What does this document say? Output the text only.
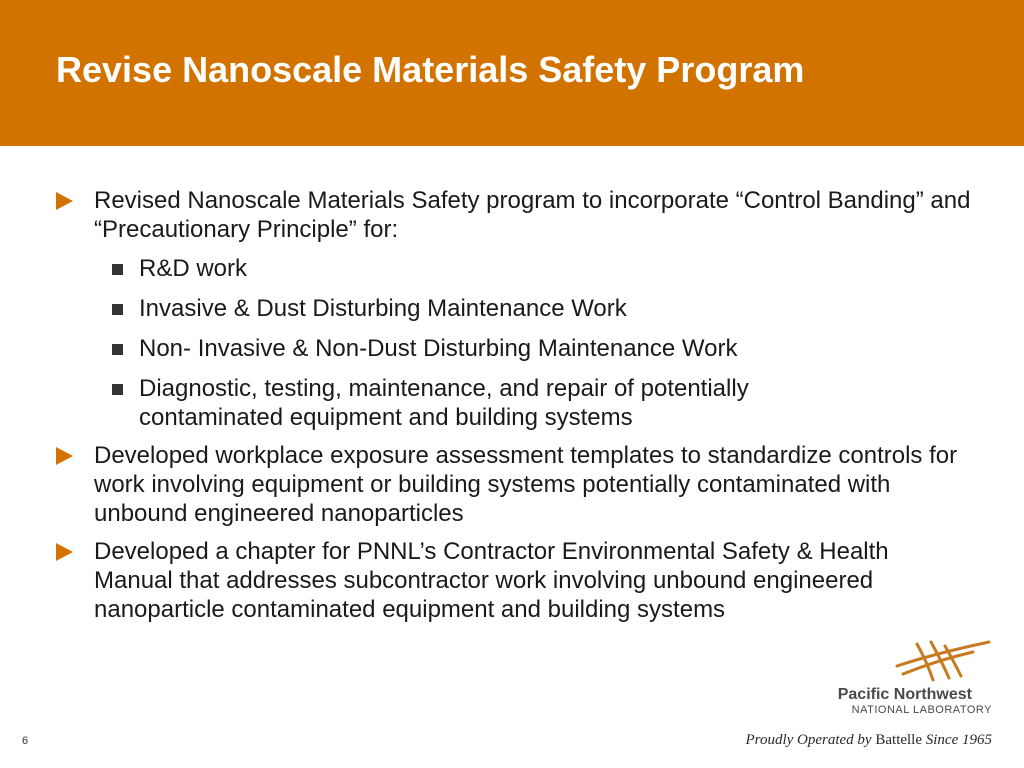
Revise Nanoscale Materials Safety Program
Revised Nanoscale Materials Safety program to incorporate “Control Banding” and “Precautionary Principle” for:
R&D work
Invasive & Dust Disturbing Maintenance Work
Non- Invasive & Non-Dust Disturbing Maintenance Work
Diagnostic, testing, maintenance, and repair of potentially contaminated equipment and building systems
Developed workplace exposure assessment templates to standardize controls for work involving equipment or building systems potentially contaminated with unbound engineered nanoparticles
Developed a chapter for PNNL’s Contractor Environmental Safety & Health Manual that addresses subcontractor work involving unbound engineered nanoparticle contaminated equipment and building systems
Pacific Northwest
NATIONAL LABORATORY
Proudly Operated by Battelle Since 1965
6
